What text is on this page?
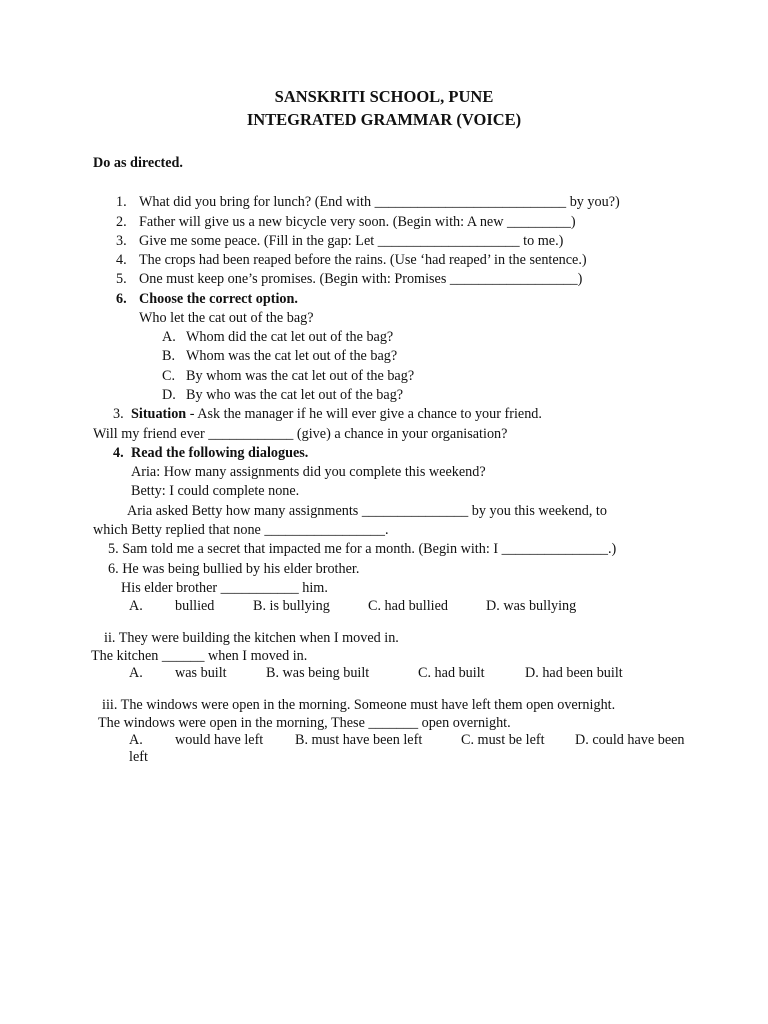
SANSKRITI SCHOOL, PUNE
INTEGRATED GRAMMAR (VOICE)
Do as directed.
1. What did you bring for lunch? (End with ___________________________ by you?)
2. Father will give us a new bicycle very soon. (Begin with: A new _________)
3. Give me some peace. (Fill in the gap: Let ____________________ to me.)
4. The crops had been reaped before the rains. (Use ‘had reaped’ in the sentence.)
5. One must keep one’s promises. (Begin with: Promises __________________)
6. Choose the correct option.
Who let the cat out of the bag?
A. Whom did the cat let out of the bag?
B. Whom was the cat let out of the bag?
C. By whom was the cat let out of the bag?
D. By who was the cat let out of the bag?
3. Situation - Ask the manager if he will ever give a chance to your friend.
Will my friend ever ____________ (give) a chance in your organisation?
4. Read the following dialogues.
Aria: How many assignments did you complete this weekend?
Betty: I could complete none.
Aria asked Betty how many assignments _______________ by you this weekend, to
which Betty replied that none _________________.
5. Sam told me a secret that impacted me for a month. (Begin with: I _______________.)
6. He was being bullied by his elder brother.
His elder brother ___________ him.
A. bullied	B. is bullying	C. had bullied	D. was bullying
ii. They were building the kitchen when I moved in.
The kitchen ______ when I moved in.
A. was built	B. was being built	C. had built	D. had been built
iii. The windows were open in the morning. Someone must have left them open overnight.
The windows were open in the morning, These _______ open overnight.
A. would have left B. must have been left	C. must be left D. could have been
left
